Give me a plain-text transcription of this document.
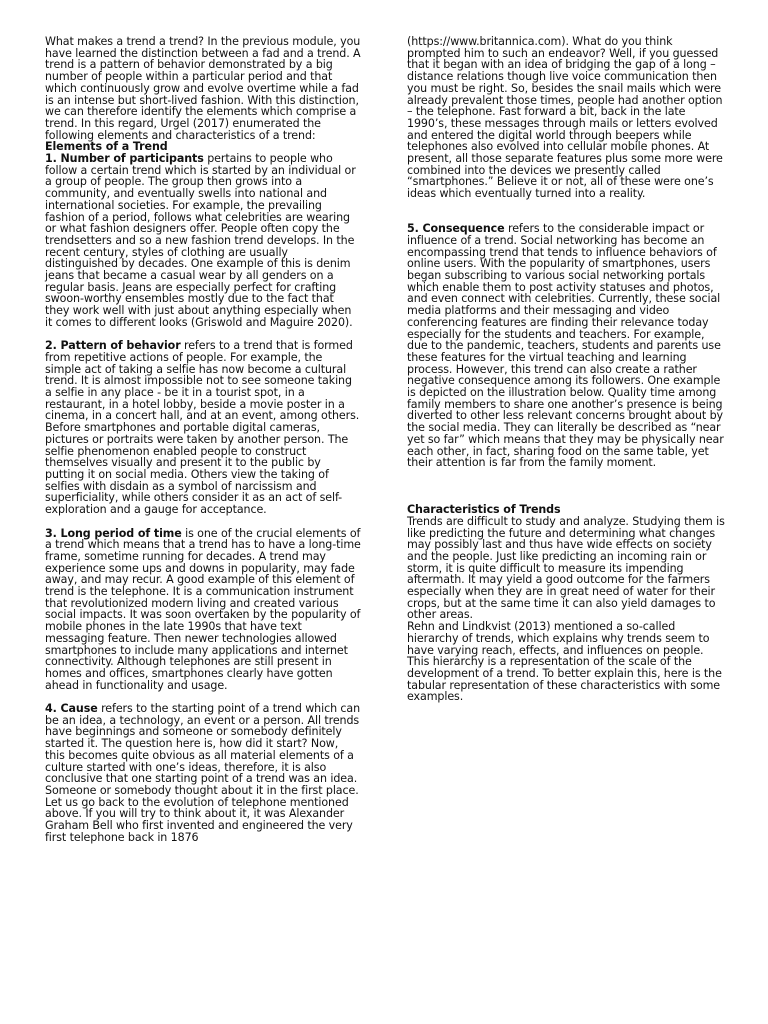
What makes a trend a trend? In the previous module, you have learned the distinction between a fad and a trend. A trend is a pattern of behavior demonstrated by a big number of people within a particular period and that which continuously grow and evolve overtime while a fad is an intense but short-lived fashion. With this distinction, we can therefore identify the elements which comprise a trend. In this regard, Urgel (2017) enumerated the following elements and characteristics of a trend:

Elements of a Trend

1. Number of participants pertains to people who follow a certain trend which is started by an individual or a group of people. The group then grows into a community, and eventually swells into national and international societies. For example, the prevailing fashion of a period, follows what celebrities are wearing or what fashion designers offer. People often copy the trendsetters and so a new fashion trend develops. In the recent century, styles of clothing are usually distinguished by decades. One example of this is denim jeans that became a casual wear by all genders on a regular basis. Jeans are especially perfect for crafting swoon-worthy ensembles mostly due to the fact that they work well with just about anything especially when it comes to different looks (Griswold and Maguire 2020).

2. Pattern of behavior refers to a trend that is formed from repetitive actions of people. For example, the simple act of taking a selfie has now become a cultural trend. It is almost impossible not to see someone taking a selfie in any place - be it in a tourist spot, in a restaurant, in a hotel lobby, beside a movie poster in a cinema, in a concert hall, and at an event, among others. Before smartphones and portable digital cameras, pictures or portraits were taken by another person. The selfie phenomenon enabled people to construct themselves visually and present it to the public by putting it on social media. Others view the taking of selfies with disdain as a symbol of narcissism and superficiality, while others consider it as an act of self-exploration and a gauge for acceptance.

3. Long period of time is one of the crucial elements of a trend which means that a trend has to have a long-time frame, sometime running for decades. A trend may experience some ups and downs in popularity, may fade away, and may recur. A good example of this element of trend is the telephone. It is a communication instrument that revolutionized modern living and created various social impacts. It was soon overtaken by the popularity of mobile phones in the late 1990s that have text messaging feature. Then newer technologies allowed smartphones to include many applications and internet connectivity. Although telephones are still present in homes and offices, smartphones clearly have gotten ahead in functionality and usage.

4. Cause refers to the starting point of a trend which can be an idea, a technology, an event or a person. All trends have beginnings and someone or somebody definitely started it. The question here is, how did it start? Now, this becomes quite obvious as all material elements of a culture started with one’s ideas, therefore, it is also conclusive that one starting point of a trend was an idea. Someone or somebody thought about it in the first place. Let us go back to the evolution of telephone mentioned above. If you will try to think about it, it was Alexander Graham Bell who first invented and engineered the very first telephone back in 1876

(https://www.britannica.com). What do you think prompted him to such an endeavor? Well, if you guessed that it began with an idea of bridging the gap of a long – distance relations though live voice communication then you must be right. So, besides the snail mails which were already prevalent those times, people had another option – the telephone. Fast forward a bit, back in the late 1990’s, these messages through mails or letters evolved and entered the digital world through beepers while telephones also evolved into cellular mobile phones. At present, all those separate features plus some more were combined into the devices we presently called “smartphones.” Believe it or not, all of these were one’s ideas which eventually turned into a reality.

5. Consequence refers to the considerable impact or influence of a trend. Social networking has become an encompassing trend that tends to influence behaviors of online users. With the popularity of smartphones, users began subscribing to various social networking portals which enable them to post activity statuses and photos, and even connect with celebrities. Currently, these social media platforms and their messaging and video conferencing features are finding their relevance today especially for the students and teachers. For example, due to the pandemic, teachers, students and parents use these features for the virtual teaching and learning process. However, this trend can also create a rather negative consequence among its followers. One example is depicted on the illustration below. Quality time among family members to share one another’s presence is being diverted to other less relevant concerns brought about by the social media. They can literally be described as “near yet so far” which means that they may be physically near each other, in fact, sharing food on the same table, yet their attention is far from the family moment.

Characteristics of Trends

Trends are difficult to study and analyze. Studying them is like predicting the future and determining what changes may possibly last and thus have wide effects on society and the people. Just like predicting an incoming rain or storm, it is quite difficult to measure its impending aftermath. It may yield a good outcome for the farmers especially when they are in great need of water for their crops, but at the same time it can also yield damages to other areas.

Rehn and Lindkvist (2013) mentioned a so-called hierarchy of trends, which explains why trends seem to have varying reach, effects, and influences on people. This hierarchy is a representation of the scale of the development of a trend. To better explain this, here is the tabular representation of these characteristics with some examples.
